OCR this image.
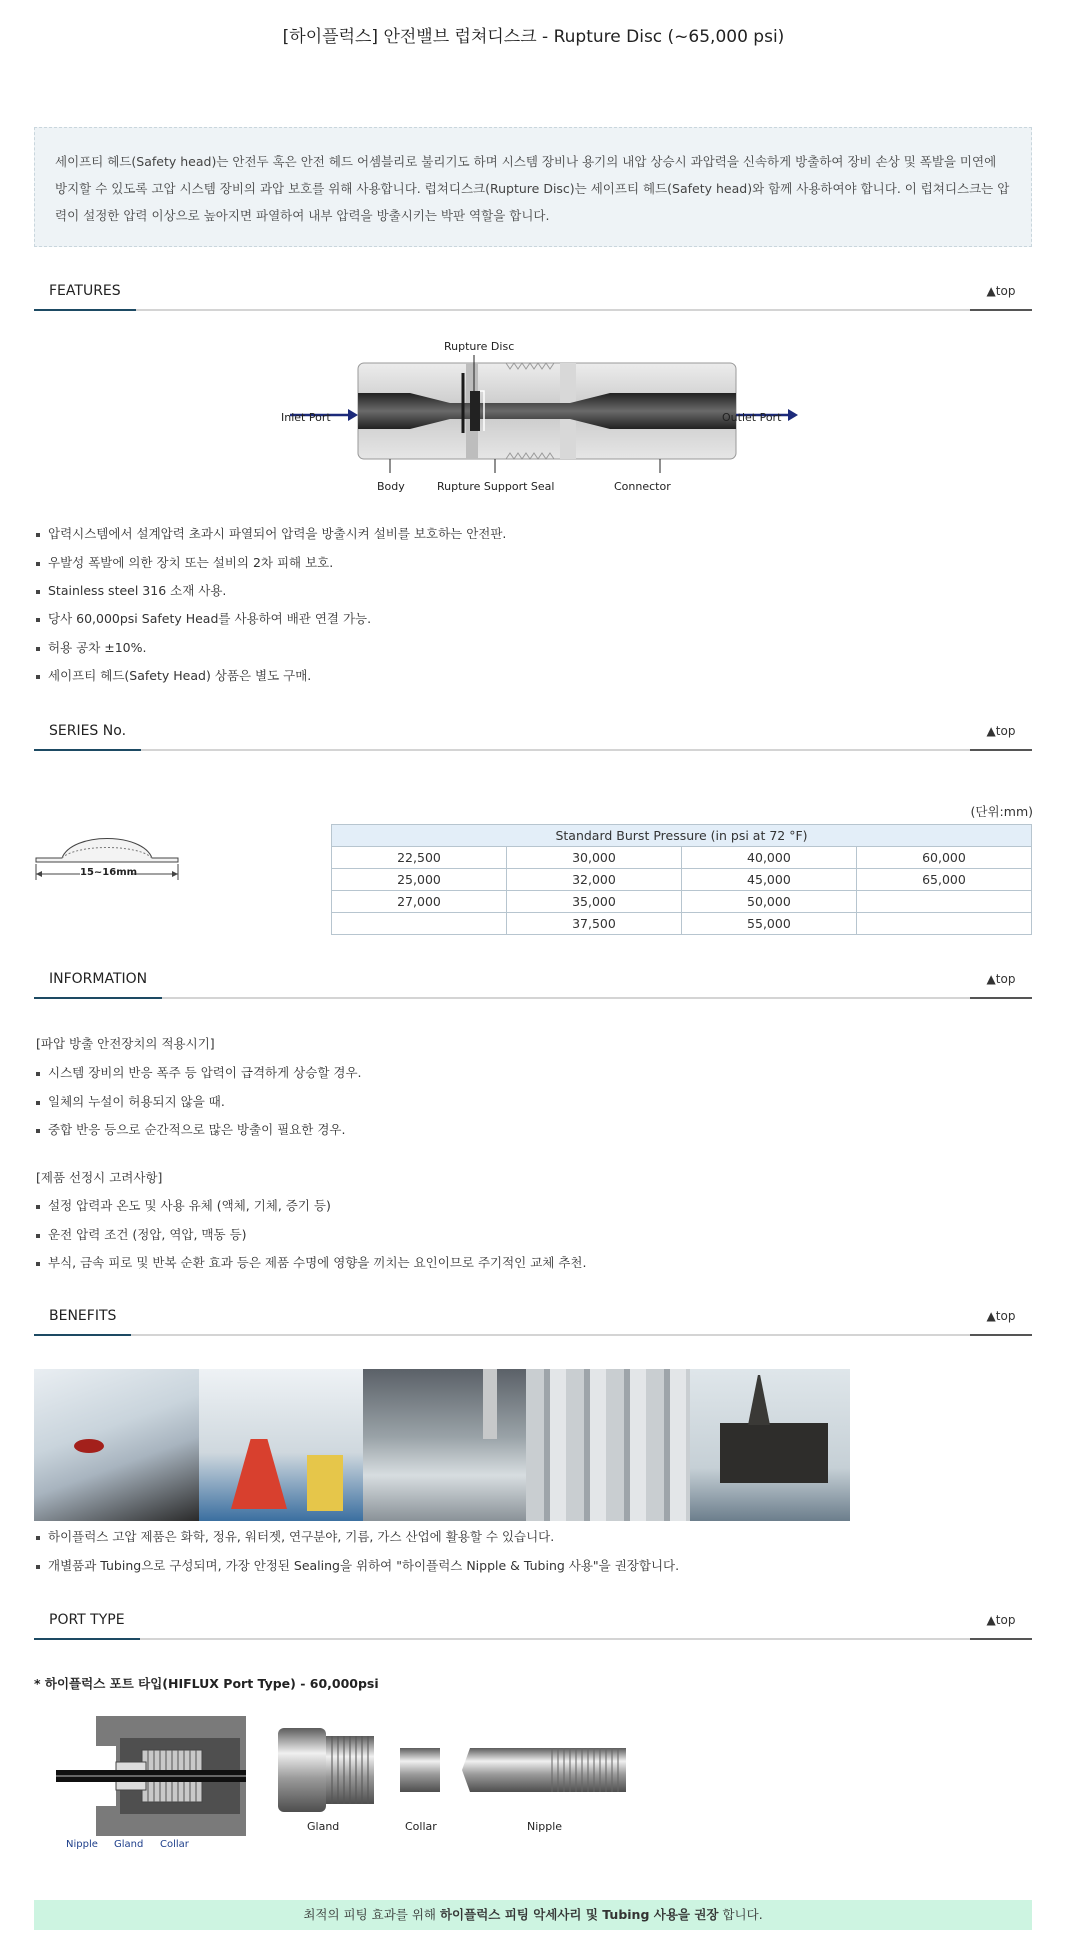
[하이플럭스] 안전밸브 럽쳐디스크 - Rupture Disc (~65,000 psi)
세이프티 헤드(Safety head)는 안전두 혹은 안전 헤드 어셈블리로 불리기도 하며 시스템 장비나 용기의 내압 상승시 과압력을 신속하게 방출하여 장비 손상 및 폭발을 미연에
방지할 수 있도록 고압 시스템 장비의 과압 보호를 위해 사용합니다. 럽쳐디스크(Rupture Disc)는 세이프티 헤드(Safety head)와 함께 사용하여야 합니다. 이 럽쳐디스크는 압
력이 설정한 압력 이상으로 높아지면 파열하여 내부 압력을 방출시키는 박판 역할을 합니다.
FEATURES	▲top
Rupture Disc
Inlet Port	Outlet Port
Body	Rupture Support Seal	Connector
압력시스템에서 설계압력 초과시 파열되어 압력을 방출시켜 설비를 보호하는 안전판.
우발성 폭발에 의한 장치 또는 설비의 2차 피해 보호.
Stainless steel 316 소재 사용.
당사 60,000psi Safety Head를 사용하여 배관 연결 가능.
허용 공차 ±10%.
세이프티 헤드(Safety Head) 상품은 별도 구매.
SERIES No.	▲top
(단위:mm)
15~16mm
Standard Burst Pressure (in psi at 72 °F)			
22,500	30,000	40,000	60,000
25,000	32,000	45,000	65,000
27,000	35,000	50,000	
	37,500	55,000	
INFORMATION	▲top
[파압 방출 안전장치의 적용시기]
시스템 장비의 반응 폭주 등 압력이 급격하게 상승할 경우.
일체의 누설이 허용되지 않을 때.
중합 반응 등으로 순간적으로 많은 방출이 필요한 경우.
[제품 선정시 고려사항]
설정 압력과 온도 및 사용 유체 (액체, 기체, 증기 등)
운전 압력 조건 (정압, 역압, 맥동 등)
부식, 금속 피로 및 반복 순환 효과 등은 제품 수명에 영향을 끼치는 요인이므로 주기적인 교체 추천.
BENEFITS	▲top
하이플럭스 고압 제품은 화학, 정유, 워터젯, 연구분야, 기름, 가스 산업에 활용할 수 있습니다.
개별품과 Tubing으로 구성되며, 가장 안정된 Sealing을 위하여 "하이플럭스 Nipple & Tubing 사용"을 권장합니다.
PORT TYPE	▲top
* 하이플럭스 포트 타입(HIFLUX Port Type) - 60,000psi
Nipple Gland Collar
Gland	Collar	Nipple
최적의 피팅 효과를 위해 하이플럭스 피팅 악세사리 및 Tubing 사용을 권장 합니다.
